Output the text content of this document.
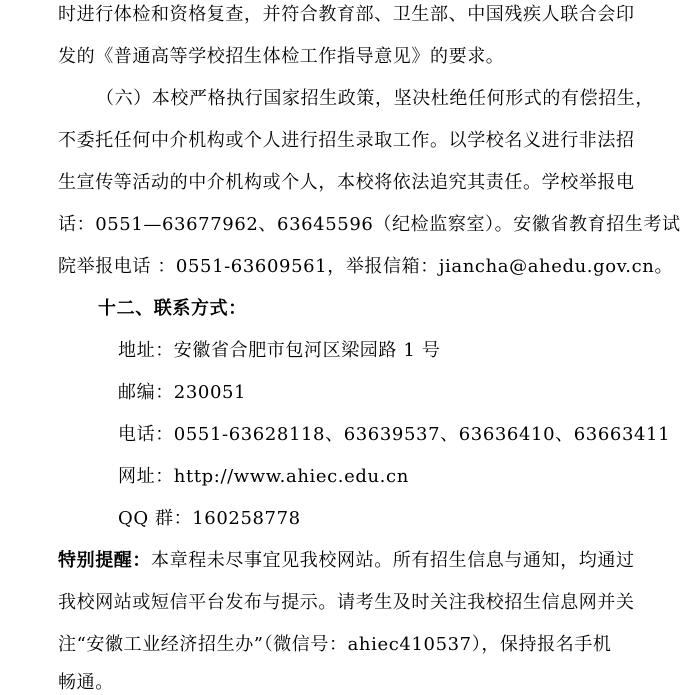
时进行体检和资格复查，并符合教育部、卫生部、中国残疾人联合会印
发的《普通高等学校招生体检工作指导意见》的要求。
（六）本校严格执行国家招生政策，坚决杜绝任何形式的有偿招生，
不委托任何中介机构或个人进行招生录取工作。以学校名义进行非法招
生宣传等活动的中介机构或个人，本校将依法追究其责任。学校举报电
话：0551—63677962、63645596（纪检监察室）。安徽省教育招生考试
院举报电话 ：0551-63609561，举报信箱：jiancha@ahedu.gov.cn。
十二、联系方式：
地址：安徽省合肥市包河区梁园路 1 号
邮编：230051
电话：0551-63628118、63639537、63636410、63663411
网址：http://www.ahiec.edu.cn
QQ 群：160258778
特别提醒：本章程未尽事宜见我校网站。所有招生信息与通知，均通过
我校网站或短信平台发布与提示。请考生及时关注我校招生信息网并关
注“安徽工业经济招生办”（微信号：ahiec410537），保持报名手机
畅通。
